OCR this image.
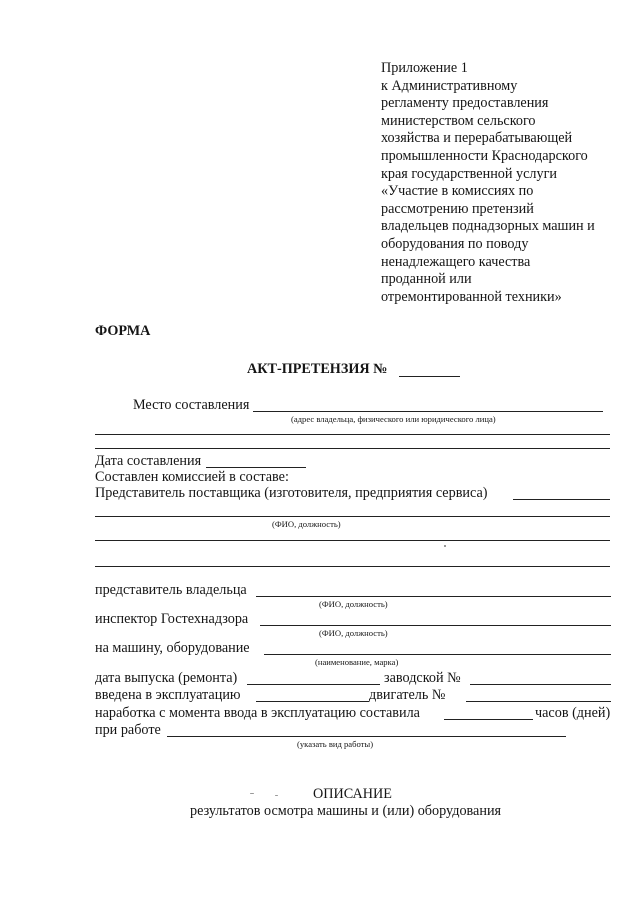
Приложение 1
к Административному
регламенту предоставления
министерством сельского
хозяйства и перерабатывающей
промышленности Краснодарского
края государственной услуги
«Участие в комиссиях по
рассмотрению претензий
владельцев поднадзорных машин и
оборудования по поводу
ненадлежащего качества
проданной или
отремонтированной техники»
ФОРМА
АКТ-ПРЕТЕНЗИЯ №
Место составления
(адрес владельца, физического или юридического лица)
Дата составления
Составлен комиссией в составе:
Представитель поставщика (изготовителя, предприятия сервиса)
(ФИО, должность)
представитель владельца
(ФИО, должность)
инспектор Гостехнадзора
(ФИО, должность)
на машину, оборудование
(наименование, марка)
дата выпуска (ремонта)	заводской №
введена в эксплуатацию	двигатель №
наработка с момента ввода в эксплуатацию составила	часов (дней)
при работе
(указать вид работы)
ОПИСАНИЕ
результатов осмотра машины и (или) оборудования
